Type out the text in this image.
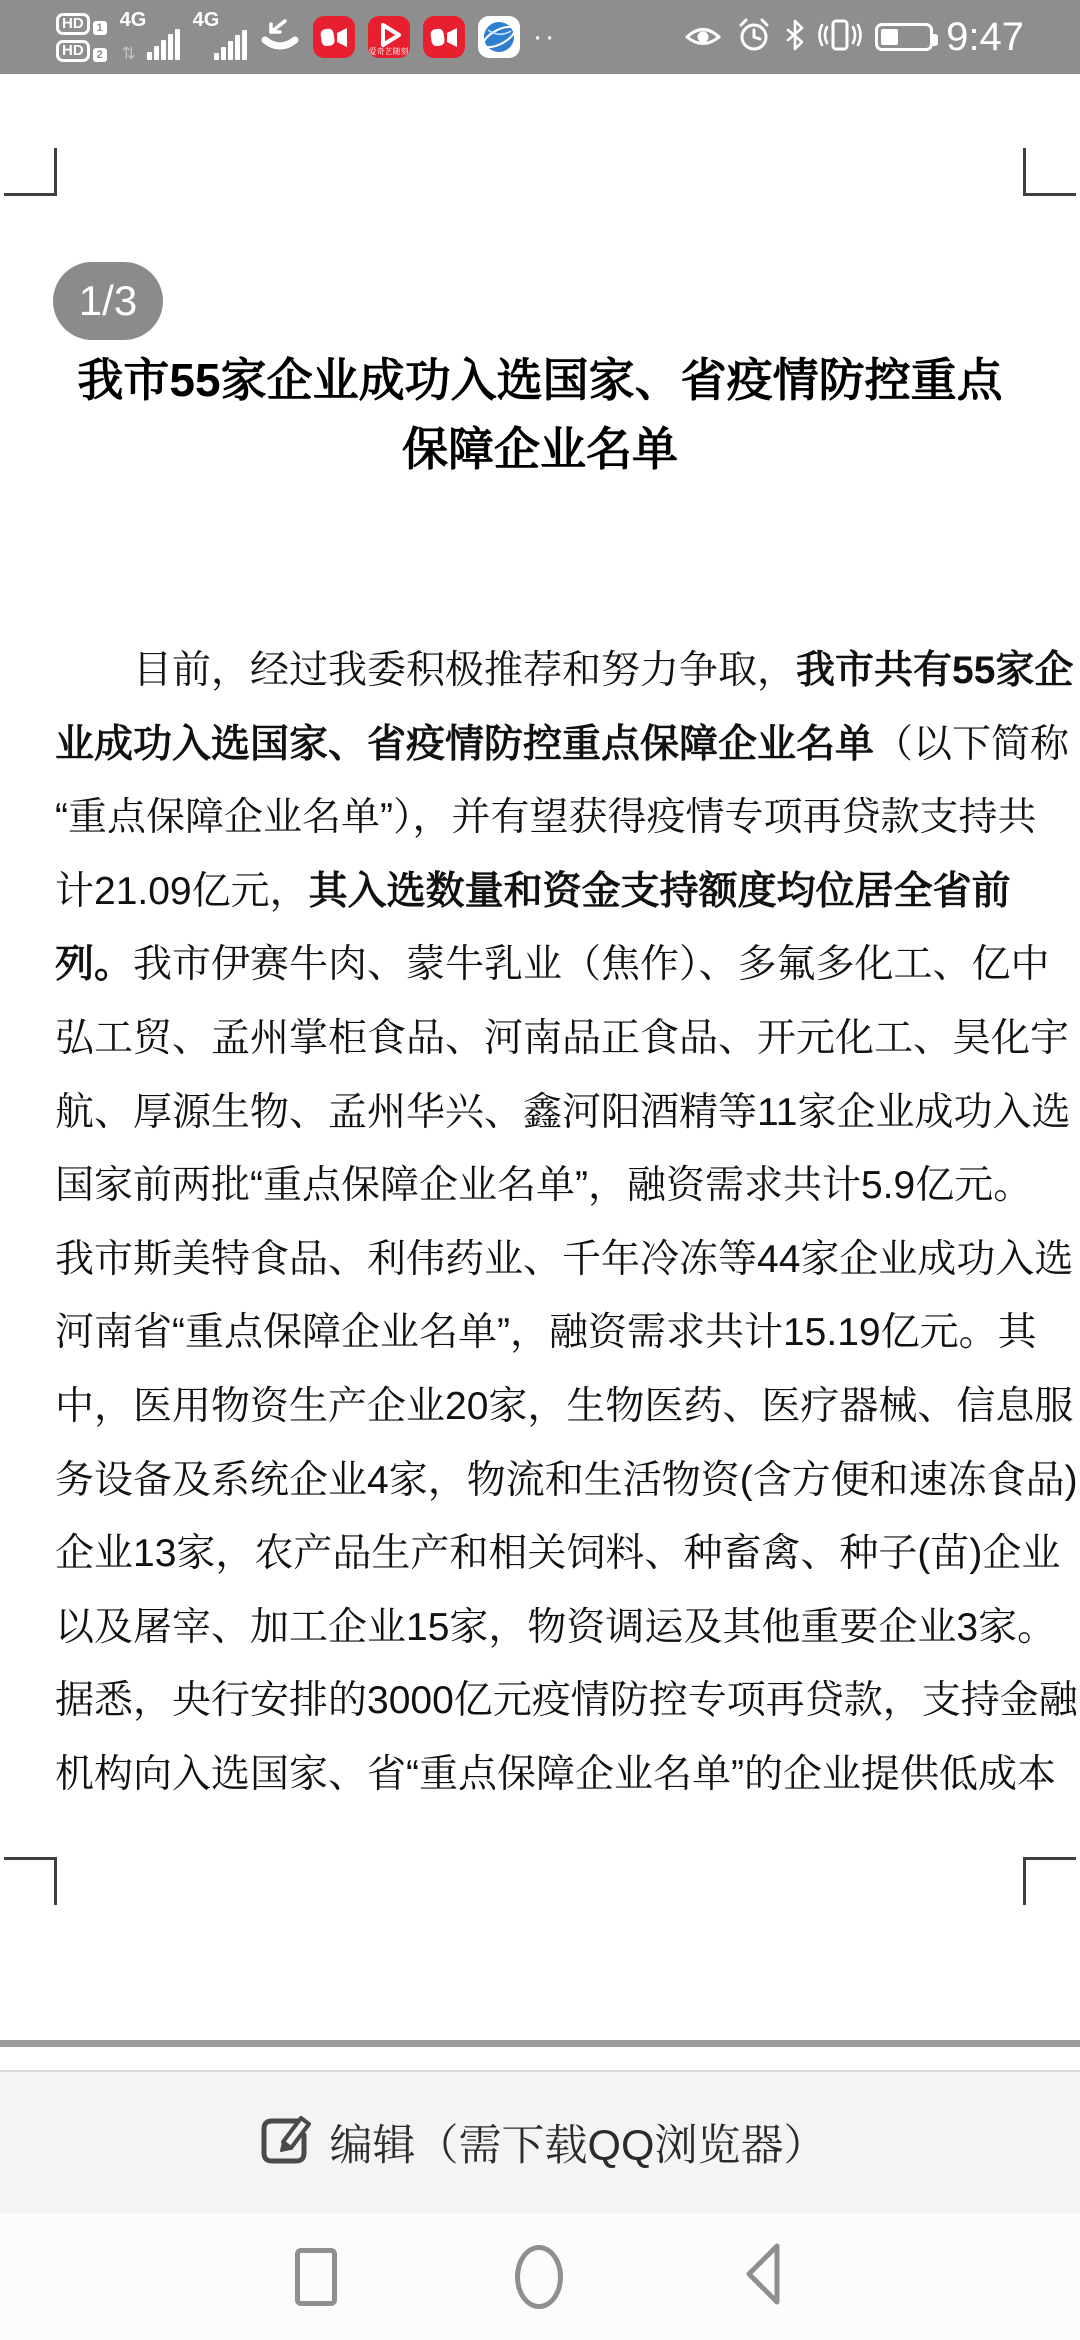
HD	1
HD	2
4G
⇅
4G
爱奇艺随刻	··	9:47
1/3
我市55家企业成功入选国家、省疫情防控重点
保障企业名单
　　目前，经过我委积极推荐和努力争取，我市共有55家企
业成功入选国家、省疫情防控重点保障企业名单（以下简称
“重点保障企业名单”），并有望获得疫情专项再贷款支持共
计21.09亿元，其入选数量和资金支持额度均位居全省前
列。我市伊赛牛肉、蒙牛乳业（焦作）、多氟多化工、亿中
弘工贸、孟州掌柜食品、河南品正食品、开元化工、昊化宇
航、厚源生物、孟州华兴、鑫河阳酒精等11家企业成功入选
国家前两批“重点保障企业名单”，融资需求共计5.9亿元。
我市斯美特食品、利伟药业、千年冷冻等44家企业成功入选
河南省“重点保障企业名单”，融资需求共计15.19亿元。其
中，医用物资生产企业20家，生物医药、医疗器械、信息服
务设备及系统企业4家，物流和生活物资(含方便和速冻食品)
企业13家，农产品生产和相关饲料、种畜禽、种子(苗)企业
以及屠宰、加工企业15家，物资调运及其他重要企业3家。
据悉，央行安排的3000亿元疫情防控专项再贷款，支持金融
机构向入选国家、省“重点保障企业名单”的企业提供低成本
编辑（需下载QQ浏览器）
